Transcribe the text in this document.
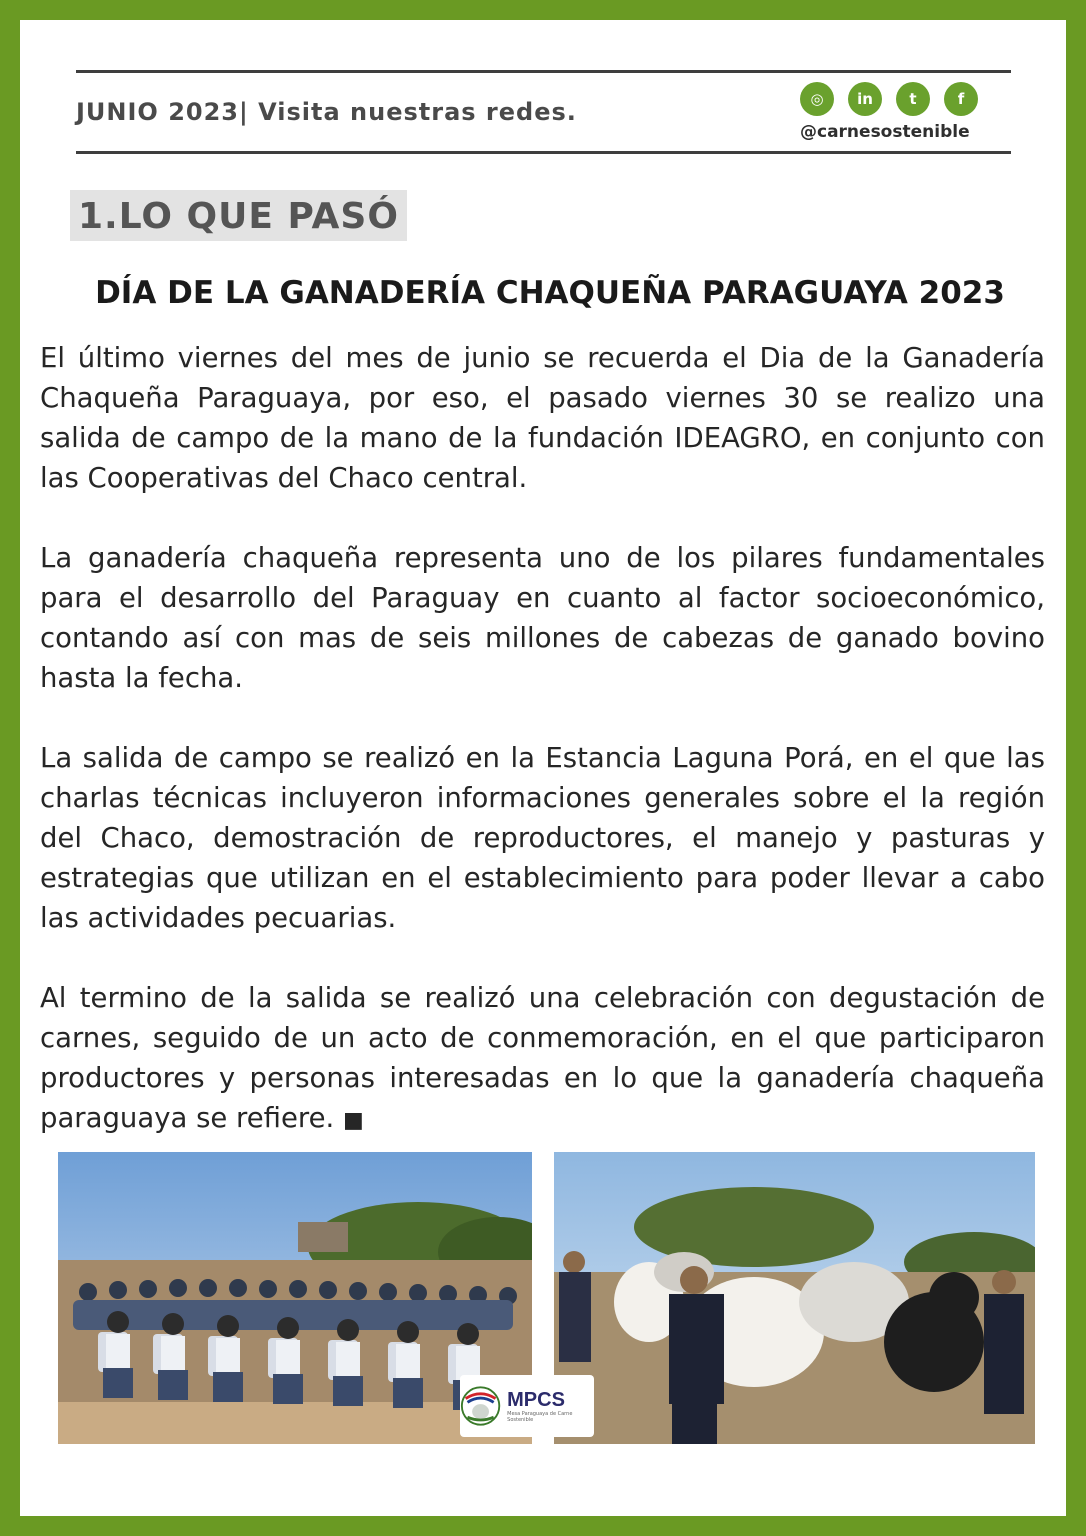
JUNIO 2023| Visita nuestras redes.	◎	in	t	f
@carnesostenible
1.LO QUE PASÓ
DÍA DE LA GANADERÍA CHAQUEÑA PARAGUAYA 2023

El último viernes del mes de junio se recuerda el Dia de la Ganadería Chaqueña Paraguaya, por eso, el pasado viernes 30 se realizo una salida de campo de la mano de la fundación IDEAGRO, en conjunto con las Cooperativas del Chaco central.

La ganadería chaqueña representa uno de los pilares fundamentales para el desarrollo del Paraguay en cuanto al factor socioeconómico, contando así con mas de seis millones de cabezas de ganado bovino hasta la fecha.

La salida de campo se realizó en la Estancia Laguna Porá, en el que las charlas técnicas incluyeron informaciones generales sobre el la región del Chaco, demostración de reproductores, el manejo y pasturas y estrategias que utilizan en el establecimiento para poder llevar a cabo las actividades pecuarias.

Al termino de la salida se realizó una celebración con degustación de carnes, seguido de un acto de conmemoración, en el que participaron productores y personas interesadas en lo que la ganadería chaqueña paraguaya se refiere. ■

MPCS
Mesa Paraguaya de Carne Sostenible
